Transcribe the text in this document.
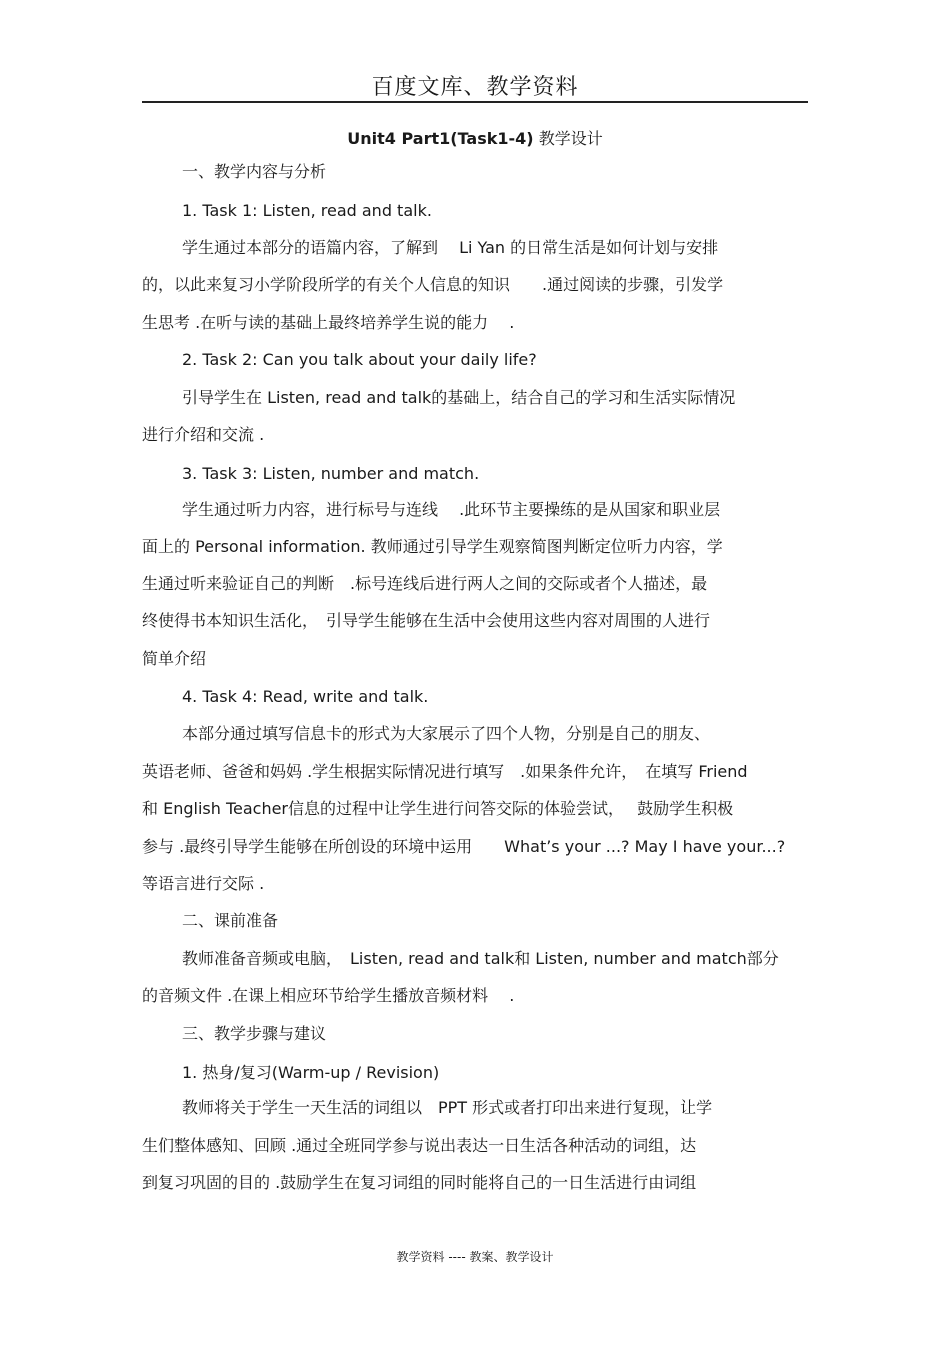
百度文库、教学资料
Unit4 Part1(Task1-4) 教学设计
一、教学内容与分析
1. Task 1: Listen, read and talk.
学生通过本部分的语篇内容，了解到　 Li Yan 的日常生活是如何计划与安排
的，以此来复习小学阶段所学的有关个人信息的知识　　.通过阅读的步骤，引发学
生思考 .在听与读的基础上最终培养学生说的能力　 .
2. Task 2: Can you talk about your daily life?
引导学生在 Listen, read and talk的基础上，结合自己的学习和生活实际情况
进行介绍和交流 .
3. Task 3: Listen, number and match.
学生通过听力内容，进行标号与连线　 .此环节主要操练的是从国家和职业层
面上的 Personal information. 教师通过引导学生观察简图判断定位听力内容，学
生通过听来验证自己的判断　.标号连线后进行两人之间的交际或者个人描述，最
终使得书本知识生活化，　引导学生能够在生活中会使用这些内容对周围的人进行
简单介绍
4. Task 4: Read, write and talk.
本部分通过填写信息卡的形式为大家展示了四个人物，分别是自己的朋友、
英语老师、爸爸和妈妈 .学生根据实际情况进行填写　.如果条件允许，　在填写 Friend
和 English Teacher信息的过程中让学生进行问答交际的体验尝试，　 鼓励学生积极
参与 .最终引导学生能够在所创设的环境中运用　　What’s your ...? May I have your...?
等语言进行交际 .
二、课前准备
教师准备音频或电脑，　Listen, read and talk和 Listen, number and match部分
的音频文件 .在课上相应环节给学生播放音频材料　 .
三、教学步骤与建议
1. 热身/复习(Warm-up / Revision)
教师将关于学生一天生活的词组以　PPT 形式或者打印出来进行复现，让学
生们整体感知、回顾 .通过全班同学参与说出表达一日生活各种活动的词组，达
到复习巩固的目的 .鼓励学生在复习词组的同时能将自己的一日生活进行由词组
教学资料 ---- 教案、教学设计
